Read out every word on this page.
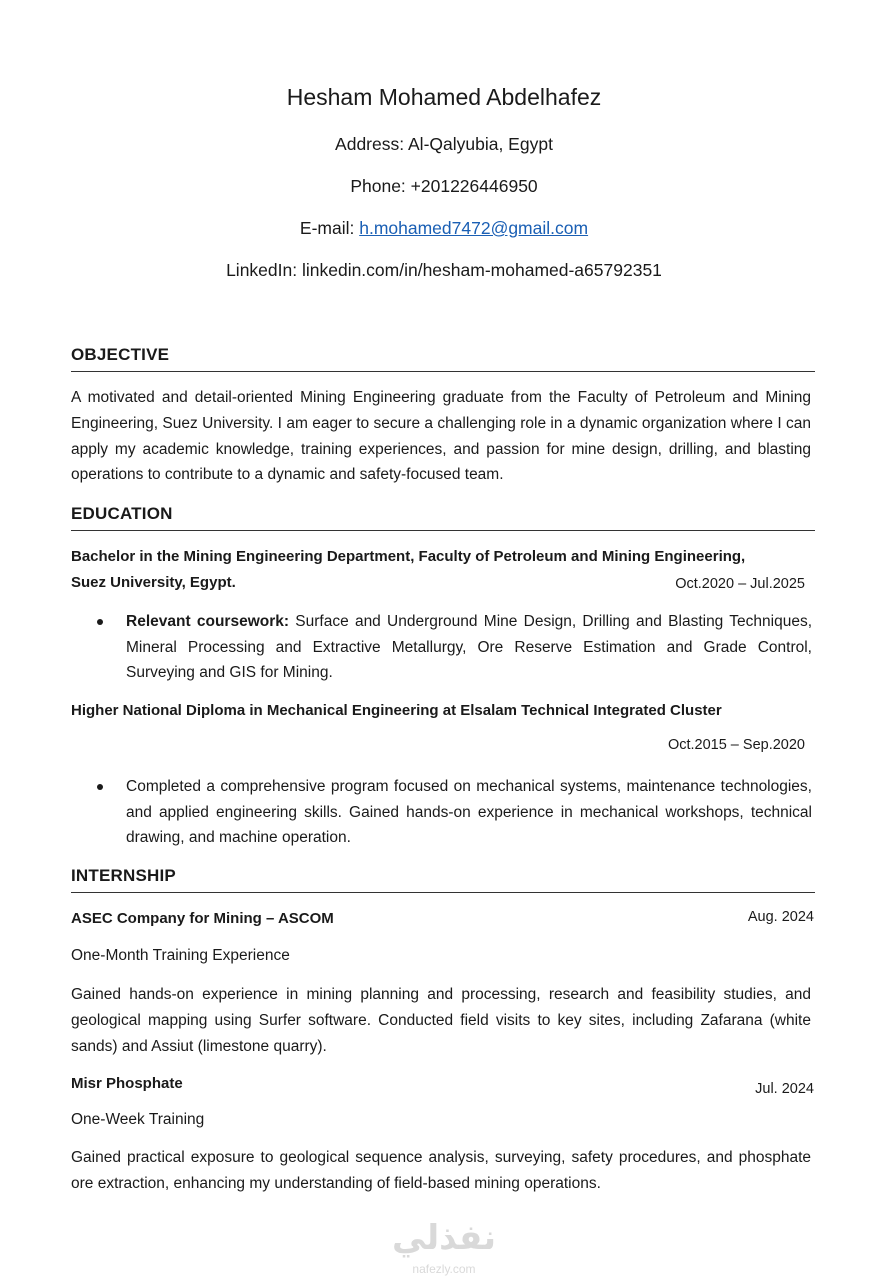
Hesham Mohamed Abdelhafez
Address: Al-Qalyubia, Egypt
Phone: +201226446950
E-mail: h.mohamed7472@gmail.com
LinkedIn: linkedin.com/in/hesham-mohamed-a65792351
OBJECTIVE
A motivated and detail-oriented Mining Engineering graduate from the Faculty of Petroleum and Mining Engineering, Suez University. I am eager to secure a challenging role in a dynamic organization where I can apply my academic knowledge, training experiences, and passion for mine design, drilling, and blasting operations to contribute to a dynamic and safety-focused team.
EDUCATION
Bachelor in the Mining Engineering Department, Faculty of Petroleum and Mining Engineering,
Suez University, Egypt.	Oct.2020 – Jul.2025
Relevant coursework: Surface and Underground Mine Design, Drilling and Blasting Techniques, Mineral Processing and Extractive Metallurgy, Ore Reserve Estimation and Grade Control, Surveying and GIS for Mining.
Higher National Diploma in Mechanical Engineering at Elsalam Technical Integrated Cluster
Oct.2015 – Sep.2020
Completed a comprehensive program focused on mechanical systems, maintenance technologies, and applied engineering skills. Gained hands-on experience in mechanical workshops, technical drawing, and machine operation.
INTERNSHIP
ASEC Company for Mining – ASCOM	Aug. 2024
One-Month Training Experience
Gained hands-on experience in mining planning and processing, research and feasibility studies, and geological mapping using Surfer software. Conducted field visits to key sites, including Zafarana (white sands) and Assiut (limestone quarry).
Misr Phosphate	Jul. 2024
One-Week Training
Gained practical exposure to geological sequence analysis, surveying, safety procedures, and phosphate ore extraction, enhancing my understanding of field-based mining operations.
نفذلي
nafezly.com
